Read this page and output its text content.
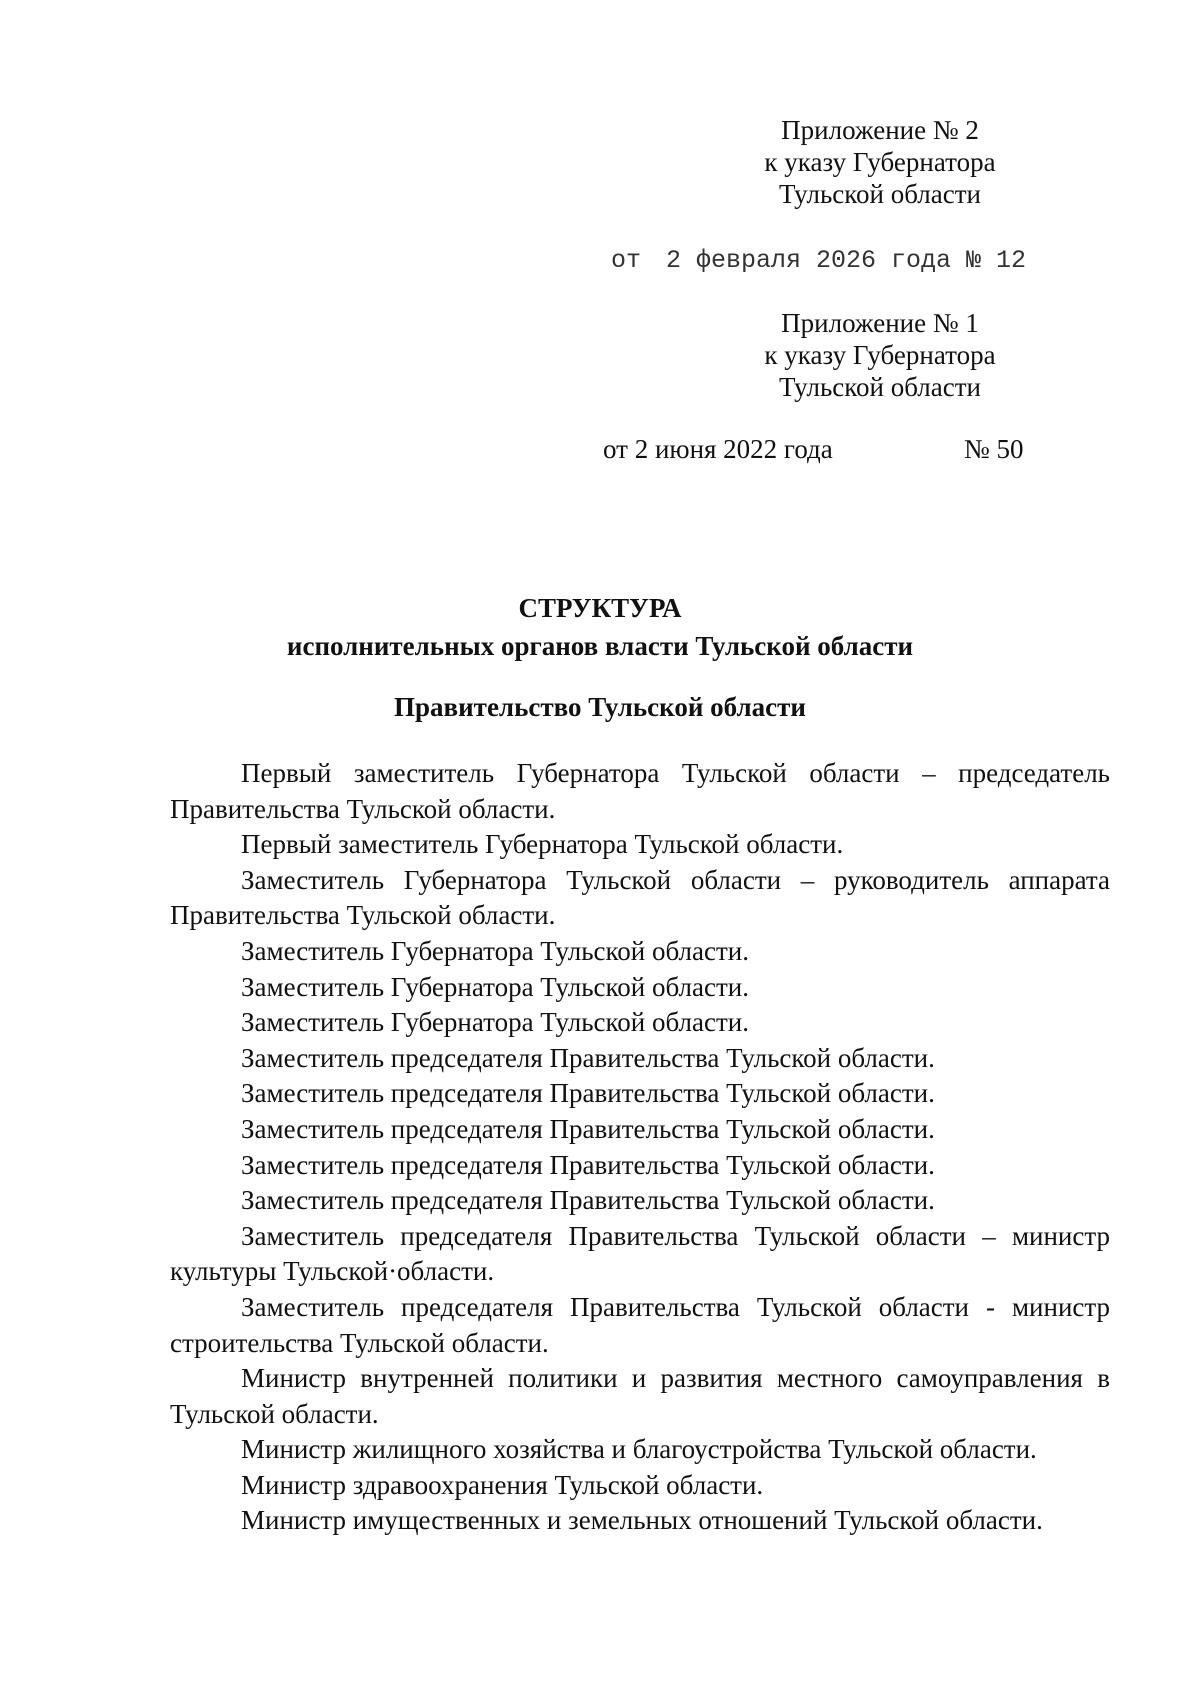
Приложение № 2
к указу Губернатора
Тульской области
от 2 февраля 2026 года № 12
Приложение № 1
к указу Губернатора
Тульской области
от 2 июня 2022 года	№ 50
СТРУКТУРА
исполнительных органов власти Тульской области
Правительство Тульской области

Первый заместитель Губернатора Тульской области – председатель Правительства Тульской области.

Первый заместитель Губернатора Тульской области.

Заместитель Губернатора Тульской области – руководитель аппарата Правительства Тульской области.

Заместитель Губернатора Тульской области.

Заместитель Губернатора Тульской области.

Заместитель Губернатора Тульской области.

Заместитель председателя Правительства Тульской области.

Заместитель председателя Правительства Тульской области.

Заместитель председателя Правительства Тульской области.

Заместитель председателя Правительства Тульской области.

Заместитель председателя Правительства Тульской области.

Заместитель председателя Правительства Тульской области – министр культуры Тульской·области.

Заместитель председателя Правительства Тульской области - министр строительства Тульской области.

Министр внутренней политики и развития местного самоуправления в Тульской области.

Министр жилищного хозяйства и благоустройства Тульской области.

Министр здравоохранения Тульской области.

Министр имущественных и земельных отношений Тульской области.
